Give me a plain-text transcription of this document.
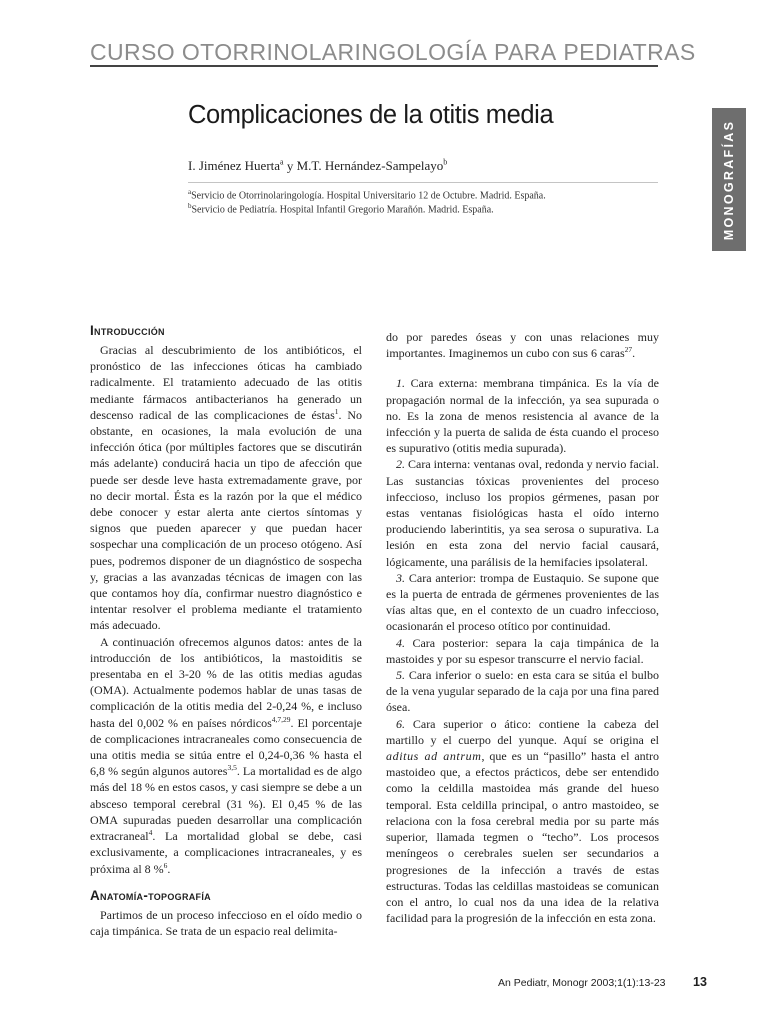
CURSO OTORRINOLARINGOLOGÍA PARA PEDIATRAS
MONOGRAFÍAS
Complicaciones de la otitis media
I. Jiménez Huerta$^a$ y M.T. Hernández-Sampelayo$^b$
$^a$Servicio de Otorrinolaringología. Hospital Universitario 12 de Octubre. Madrid. España.
$^b$Servicio de Pediatría. Hospital Infantil Gregorio Marañón. Madrid. España.
Introducción

Gracias al descubrimiento de los antibióticos, el pronóstico de las infecciones óticas ha cambiado radicalmente. El tratamiento adecuado de las otitis mediante fármacos antibacterianos ha generado un descenso radical de las complicaciones de éstas$^1$. No obstante, en ocasiones, la mala evolución de una infección ótica (por múltiples factores que se discutirán más adelante) conducirá hacia un tipo de afección que puede ser desde leve hasta extremadamente grave, por no decir mortal. Ésta es la razón por la que el médico debe conocer y estar alerta ante ciertos síntomas y signos que pueden aparecer y que puedan hacer sospechar una complicación de un proceso otógeno. Así pues, podremos disponer de un diagnóstico de sospecha y, gracias a las avanzadas técnicas de imagen con las que contamos hoy día, confirmar nuestro diagnóstico e intentar resolver el problema mediante el tratamiento más adecuado.

A continuación ofrecemos algunos datos: antes de la introducción de los antibióticos, la mastoiditis se presentaba en el 3-20 % de las otitis medias agudas (OMA). Actualmente podemos hablar de unas tasas de complicación de la otitis media del 2-0,24 %, e incluso hasta del 0,002 % en países nórdicos$^{4,7,29}$. El porcentaje de complicaciones intracraneales como consecuencia de una otitis media se sitúa entre el 0,24-0,36 % hasta el 6,8 % según algunos autores$^{3,5}$. La mortalidad es de algo más del 18 % en estos casos, y casi siempre se debe a un absceso temporal cerebral (31 %). El 0,45 % de las OMA supuradas pueden desarrollar una complicación extracraneal$^4$. La mortalidad global se debe, casi exclusivamente, a complicaciones intracraneales, y es próxima al 8 %$^6$.

Anatomía-topografía

Partimos de un proceso infeccioso en el oído medio o caja timpánica. Se trata de un espacio real delimita-

do por paredes óseas y con unas relaciones muy importantes. Imaginemos un cubo con sus 6 caras$^{27}$.

1. Cara externa: membrana timpánica. Es la vía de propagación normal de la infección, ya sea supurada o no. Es la zona de menos resistencia al avance de la infección y la puerta de salida de ésta cuando el proceso es supurativo (otitis media supurada).

2. Cara interna: ventanas oval, redonda y nervio facial. Las sustancias tóxicas provenientes del proceso infeccioso, incluso los propios gérmenes, pasan por estas ventanas fisiológicas hasta el oído interno produciendo laberintitis, ya sea serosa o supurativa. La lesión en esta zona del nervio facial causará, lógicamente, una parálisis de la hemifacies ipsolateral.

3. Cara anterior: trompa de Eustaquio. Se supone que es la puerta de entrada de gérmenes provenientes de las vías altas que, en el contexto de un cuadro infeccioso, ocasionarán el proceso otítico por continuidad.

4. Cara posterior: separa la caja timpánica de la mastoides y por su espesor transcurre el nervio facial.

5. Cara inferior o suelo: en esta cara se sitúa el bulbo de la vena yugular separado de la caja por una fina pared ósea.

6. Cara superior o ático: contiene la cabeza del martillo y el cuerpo del yunque. Aquí se origina el aditus ad antrum, que es un “pasillo” hasta el antro mastoideo que, a efectos prácticos, debe ser entendido como la celdilla mastoidea más grande del hueso temporal. Esta celdilla principal, o antro mastoideo, se relaciona con la fosa cerebral media por su parte más superior, llamada tegmen o “techo”. Los procesos meníngeos o cerebrales suelen ser secundarios a progresiones de la infección a través de estas estructuras. Todas las celdillas mastoideas se comunican con el antro, lo cual nos da una idea de la relativa facilidad para la progresión de la infección en esta zona.

An Pediatr, Monogr 2003;1(1):13-23 13
